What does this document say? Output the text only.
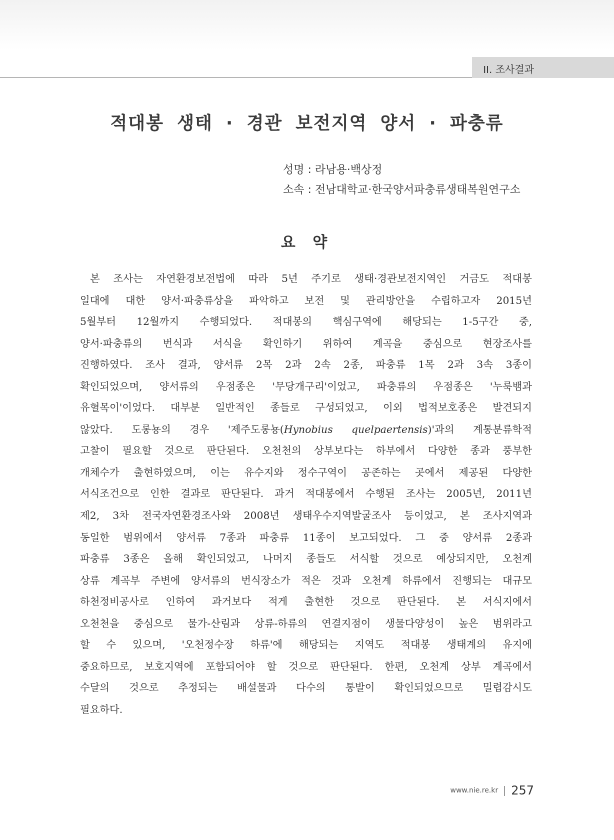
II. 조사결과
적대봉 생태 · 경관 보전지역 양서 · 파충류
성명 : 라남용·백상정
소속 : 전남대학교·한국양서파충류생태복원연구소
요 약
본 조사는 자연환경보전법에 따라 5년 주기로 생태·경관보전지역인 거금도 적대봉
일대에 대한 양서·파충류상을 파악하고 보전 및 관리방안을 수립하고자 2015년
5월부터 12월까지 수행되었다. 적대봉의 핵심구역에 해당되는 1-5구간 중,
양서·파충류의 번식과 서식을 확인하기 위하여 계곡을 중심으로 현장조사를
진행하였다. 조사 결과, 양서류 2목 2과 2속 2종, 파충류 1목 2과 3속 3종이
확인되었으며, 양서류의 우점종은 '무당개구리'이었고, 파충류의 우점종은 '누룩뱀과
유혈목이'이었다. 대부분 일반적인 종들로 구성되었고, 이외 법적보호종은 발견되지
않았다. 도롱뇽의 경우 '제주도롱뇽(Hynobius quelpaertensis)'과의 계통분류학적
고찰이 필요할 것으로 판단된다. 오천천의 상부보다는 하부에서 다양한 종과 풍부한
개체수가 출현하였으며, 이는 유수지와 정수구역이 공존하는 곳에서 제공된 다양한
서식조건으로 인한 결과로 판단된다. 과거 적대봉에서 수행된 조사는 2005년, 2011년
제2, 3차 전국자연환경조사와 2008년 생태우수지역발굴조사 등이었고, 본 조사지역과
동일한 범위에서 양서류 7종과 파충류 11종이 보고되었다. 그 중 양서류 2종과
파충류 3종은 올해 확인되었고, 나머지 종들도 서식할 것으로 예상되지만, 오천계
상류 계곡부 주변에 양서류의 번식장소가 적은 것과 오천계 하류에서 진행되는 대규모
하천정비공사로 인하여 과거보다 적게 출현한 것으로 판단된다. 본 서식지에서
오천천을 중심으로 물가-산림과 상류-하류의 연결지점이 생물다양성이 높은 범위라고
할 수 있으며, '오천정수장 하류'에 해당되는 지역도 적대봉 생태계의 유지에
중요하므로, 보호지역에 포함되어야 할 것으로 판단된다. 한편, 오천계 상부 계곡에서
수달의 것으로 추정되는 배설물과 다수의 통발이 확인되었으므로 밀렵감시도
필요하다.
www.nie.re.kr 257
